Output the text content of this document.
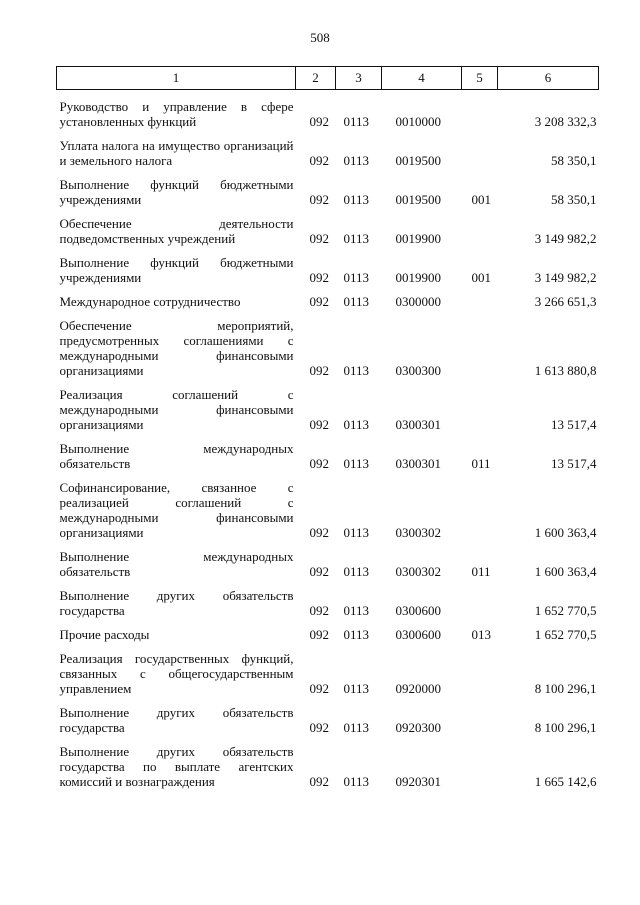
508
1	2	3	4	5	6

Руководство и управление в сфере установленных функций	092	0113	0010000		3 208 332,3

Уплата налога на имущество организаций и земельного налога	092	0113	0019500		58 350,1

Выполнение функций бюджетными учреждениями	092	0113	0019500	001	58 350,1

Обеспечение деятельности подведомственных учреждений	092	0113	0019900		3 149 982,2

Выполнение функций бюджетными учреждениями	092	0113	0019900	001	3 149 982,2

Международное сотрудничество	092	0113	0300000		3 266 651,3

Обеспечение мероприятий, предусмотренных соглашениями с международными финансовыми организациями	092	0113	0300300		1 613 880,8

Реализация соглашений с международными финансовыми организациями	092	0113	0300301		13 517,4

Выполнение международных обязательств	092	0113	0300301	011	13 517,4

Софинансирование, связанное с реализацией соглашений с международными финансовыми организациями	092	0113	0300302		1 600 363,4

Выполнение международных обязательств	092	0113	0300302	011	1 600 363,4

Выполнение других обязательств государства	092	0113	0300600		1 652 770,5

Прочие расходы	092	0113	0300600	013	1 652 770,5

Реализация государственных функций, связанных с общегосударственным управлением	092	0113	0920000		8 100 296,1

Выполнение других обязательств государства	092	0113	0920300		8 100 296,1

Выполнение других обязательств государства по выплате агентских комиссий и вознаграждения	092	0113	0920301		1 665 142,6
